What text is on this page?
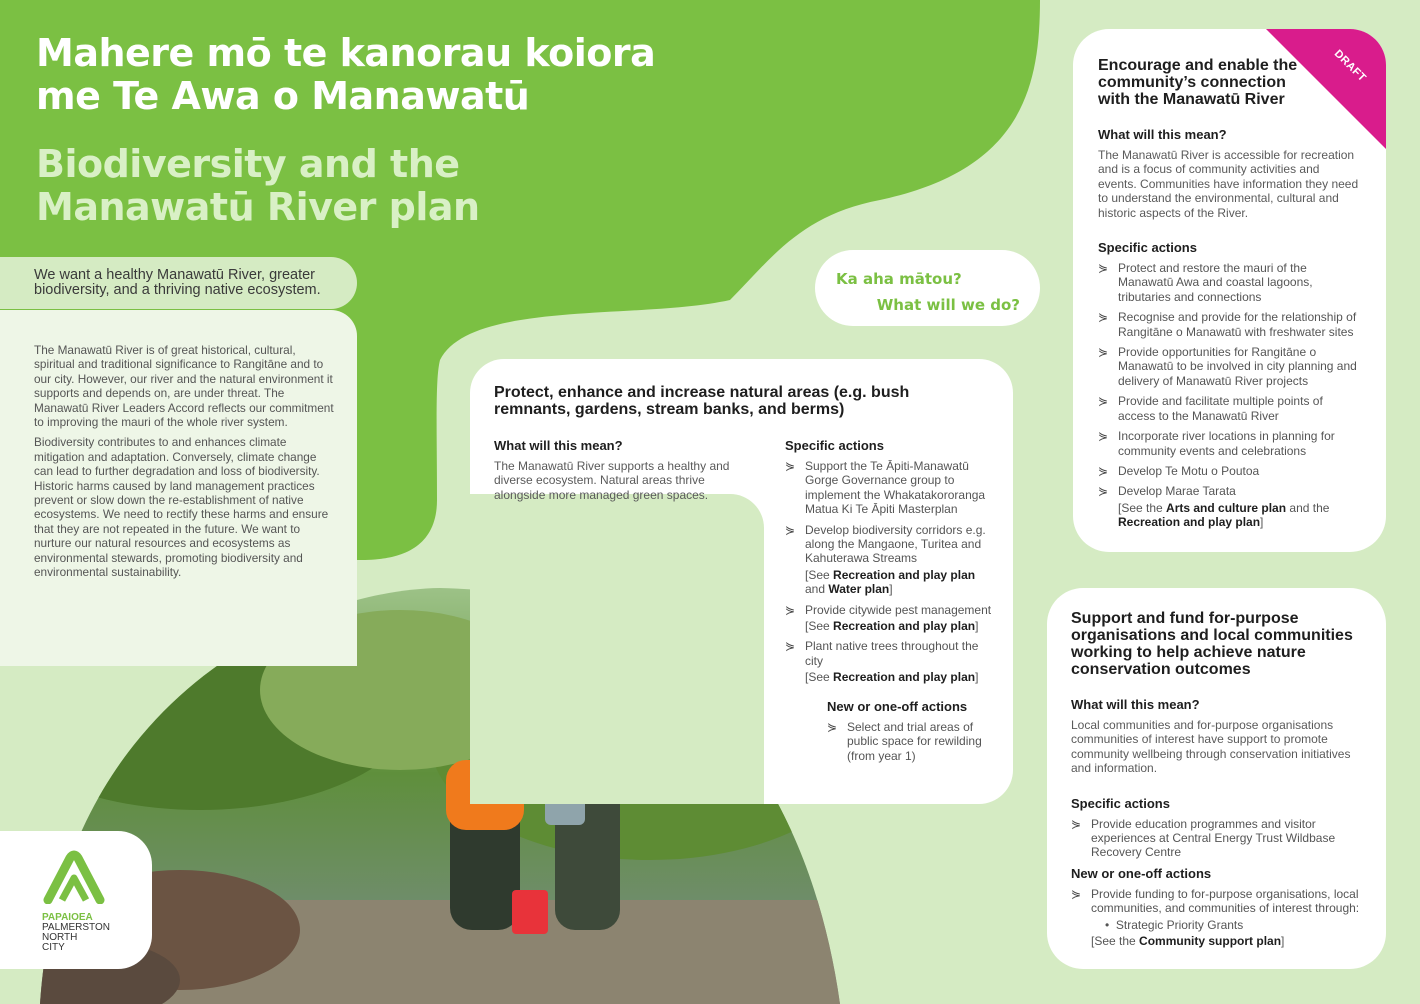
Mahere mō te kanorau koiora me Te Awa o Manawatū
Biodiversity and the Manawatū River plan
We want a healthy Manawatū River, greater biodiversity, and a thriving native ecosystem.

The Manawatū River is of great historical, cultural, spiritual and traditional significance to Rangitāne and to our city. However, our river and the natural environment it supports and depends on, are under threat. The Manawatū River Leaders Accord reflects our commitment to improving the mauri of the whole river system.

Biodiversity contributes to and enhances climate mitigation and adaptation. Conversely, climate change can lead to further degradation and loss of biodiversity. Historic harms caused by land management practices prevent or slow down the re-establishment of native ecosystems. We need to rectify these harms and ensure that they are not repeated in the future. We want to nurture our natural resources and ecosystems as environmental stewards, promoting biodiversity and environmental sustainability.

Ka aha mātou?
What will we do?
Protect, enhance and increase natural areas (e.g. bush remnants, gardens, stream banks, and berms)
What will this mean?

The Manawatū River supports a healthy and diverse ecosystem. Natural areas thrive alongside more managed green spaces.

Specific actions
⋟ Support the Te Āpiti-Manawatū Gorge Governance group to implement the Whakatakororanga Matua Ki Te Āpiti Masterplan
⋟ Develop biodiversity corridors e.g. along the Mangaone, Turitea and Kahuterawa Streams
[See Recreation and play plan and Water plan]
⋟ Provide citywide pest management
[See Recreation and play plan]
⋟ Plant native trees throughout the city
[See Recreation and play plan]
New or one-off actions
⋟ Select and trial areas of public space for rewilding (from year 1)
DRAFT
Encourage and enable the community’s connection with the Manawatū River
What will this mean?

The Manawatū River is accessible for recreation and is a focus of community activities and events. Communities have information they need to understand the environmental, cultural and historic aspects of the River.

Specific actions
⋟ Protect and restore the mauri of the Manawatū Awa and coastal lagoons, tributaries and connections
⋟ Recognise and provide for the relationship of Rangitāne o Manawatū with freshwater sites
⋟ Provide opportunities for Rangitāne o Manawatū to be involved in city planning and delivery of Manawatū River projects
⋟ Provide and facilitate multiple points of access to the Manawatū River
⋟ Incorporate river locations in planning for community events and celebrations
⋟ Develop Te Motu o Poutoa
⋟ Develop Marae Tarata
[See the Arts and culture plan and the Recreation and play plan]
Support and fund for-purpose organisations and local communities working to help achieve nature conservation outcomes
What will this mean?

Local communities and for-purpose organisations communities of interest have support to promote community wellbeing through conservation initiatives and information.

Specific actions
⋟ Provide education programmes and visitor experiences at Central Energy Trust Wildbase Recovery Centre
New or one-off actions
⋟ Provide funding to for-purpose organisations, local communities, and communities of interest through:
•  Strategic Priority Grants
[See the Community support plan]
PAPAIOEA
PALMERSTON
NORTH
CITY
